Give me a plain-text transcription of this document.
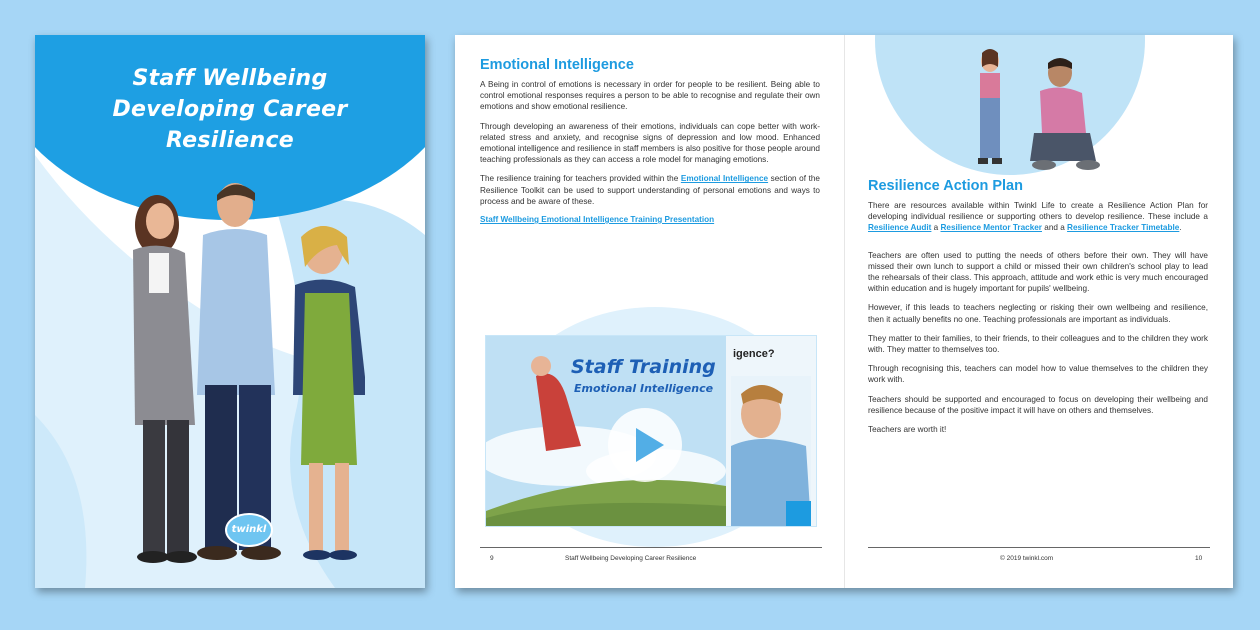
Staff Wellbeing
Developing Career
Resilience
twinkl
Emotional Intelligence

A Being in control of emotions is necessary in order for people to be resilient. Being able to control emotional responses requires a person to be able to recognise and regulate their own emotions and show emotional resilience.

Through developing an awareness of their emotions, individuals can cope better with work-related stress and anxiety, and recognise signs of depression and low mood. Enhanced emotional intelligence and resilience in staff members is also positive for those people around teaching professionals as they can access a role model for managing emotions.

The resilience training for teachers provided within the Emotional Intelligence section of the Resilience Toolkit can be used to support understanding of personal emotions and ways to process and be aware of these.

Staff Wellbeing Emotional Intelligence Training Presentation
Staff Training
Emotional Intelligence
igence?
Resilience Action Plan

There are resources available within Twinkl Life to create a Resilience Action Plan for developing individual resilience or supporting others to develop resilience. These include a Resilience Audit a Resilience Mentor Tracker and a Resilience Tracker Timetable.

Teachers are often used to putting the needs of others before their own. They will have missed their own lunch to support a child or missed their own children's school play to lead the rehearsals of their class. This approach, attitude and work ethic is very much encouraged within education and is hugely important for pupils' wellbeing.

However, if this leads to teachers neglecting or risking their own wellbeing and resilience, then it actually benefits no one. Teaching professionals are important as individuals.

They matter to their families, to their friends, to their colleagues and to the children they work with. They matter to themselves too.

Through recognising this, teachers can model how to value themselves to the children they work with.

Teachers should be supported and encouraged to focus on developing their wellbeing and resilience because of the positive impact it will have on others and themselves.

Teachers are worth it!

9	Staff Wellbeing Developing Career Resilience	© 2019 twinkl.com	10
